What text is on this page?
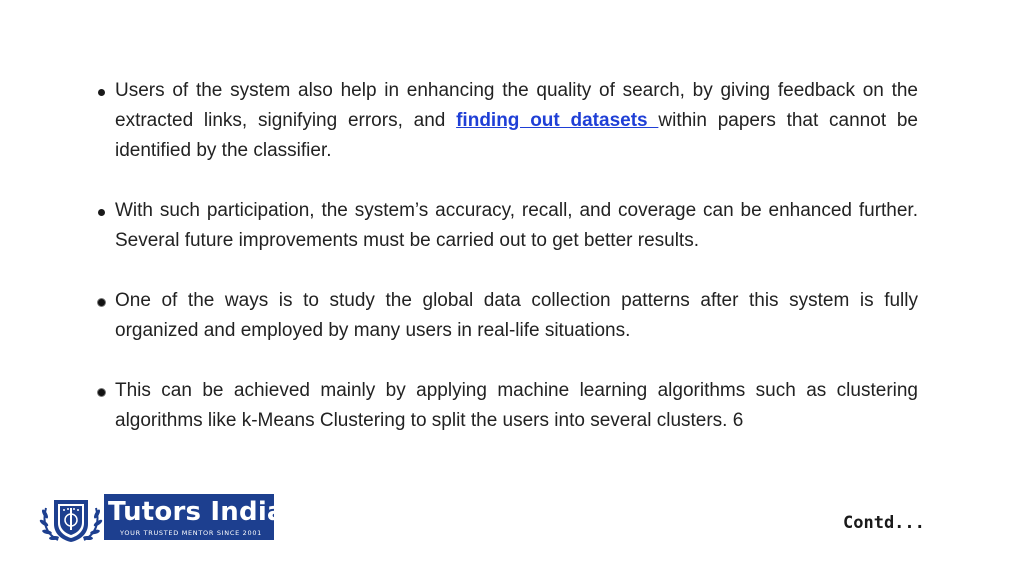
Users of the system also help in enhancing the quality of search, by giving feedback on the extracted links, signifying errors, and finding out datasets within papers that cannot be identified by the classifier.
With such participation, the system’s accuracy, recall, and coverage can be enhanced further. Several future improvements must be carried out to get better results.
One of the ways is to study the global data collection patterns after this system is fully organized and employed by many users in real-life situations.
This can be achieved mainly by applying machine learning algorithms such as clustering algorithms like k-Means Clustering to split the users into several clusters. 6
Tutors India
YOUR TRUSTED MENTOR SINCE 2001	Contd...
